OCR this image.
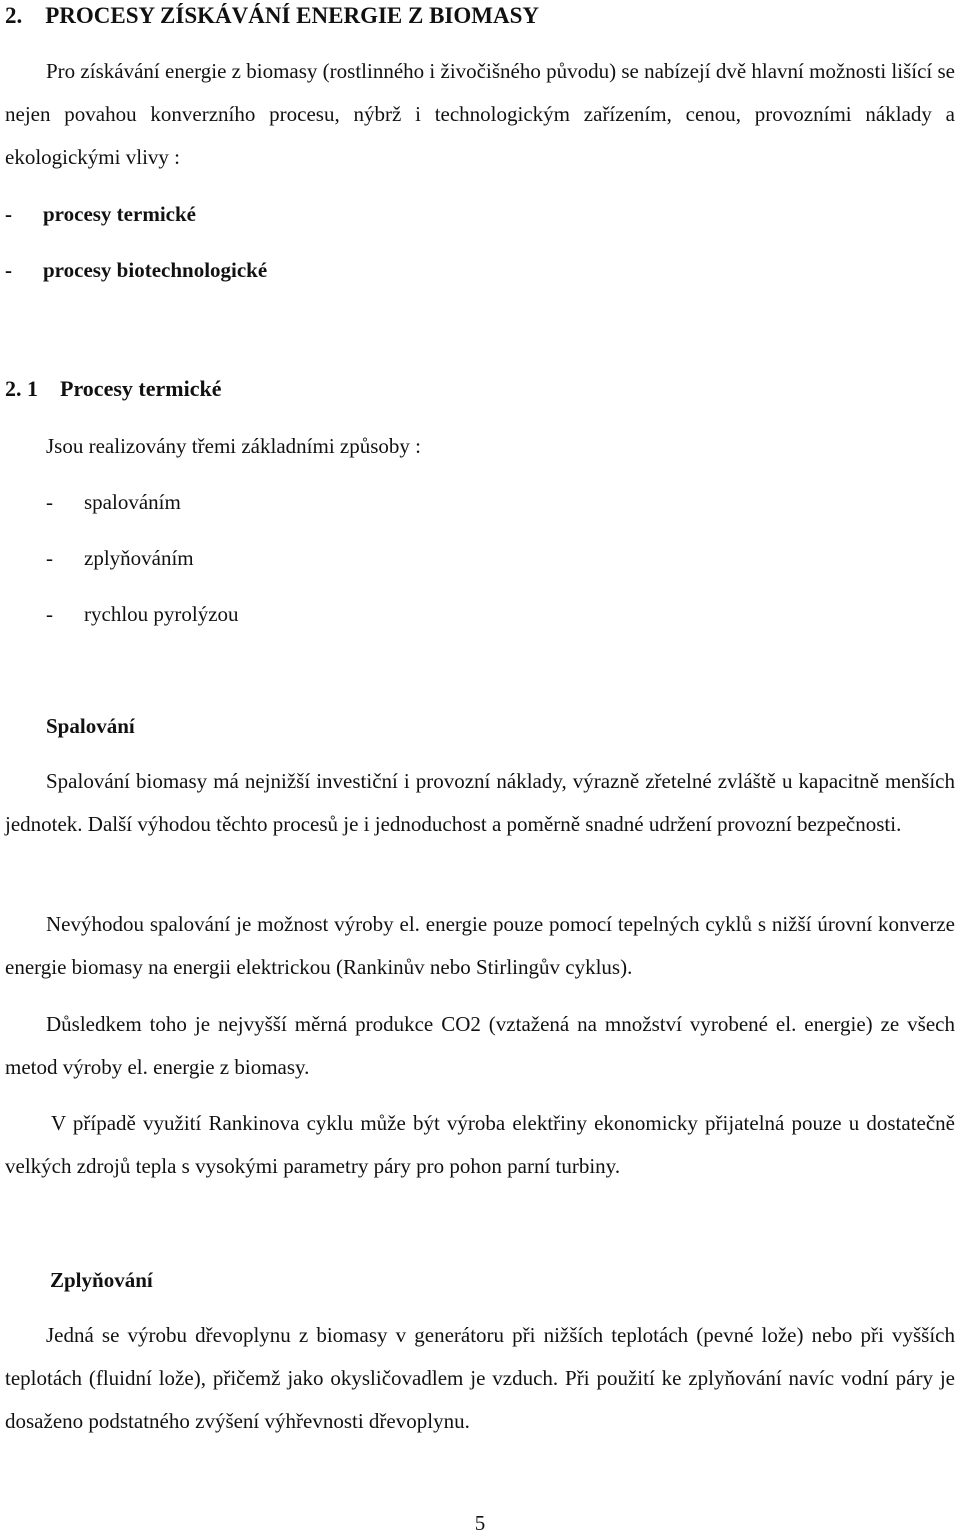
2. PROCESY ZÍSKÁVÁNÍ ENERGIE Z BIOMASY

Pro získávání energie z biomasy (rostlinného i živočišného původu) se nabízejí dvě hlavní možnosti lišící se nejen povahou konverzního procesu, nýbrž i technologickým zařízením, cenou, provozními náklady a ekologickými vlivy :

- procesy termické
- procesy biotechnologické
2. 1 Procesy termické
Jsou realizovány třemi základními způsoby :
- spalováním
- zplyňováním
- rychlou pyrolýzou
Spalování

Spalování biomasy má nejnižší investiční i provozní náklady, výrazně zřetelné zvláště u kapacitně menších jednotek. Další výhodou těchto procesů je i jednoduchost a poměrně snadné udržení provozní bezpečnosti.

Nevýhodou spalování je možnost výroby el. energie pouze pomocí tepelných cyklů s nižší úrovní konverze energie biomasy na energii elektrickou (Rankinův nebo Stirlingův cyklus).

Důsledkem toho je nejvyšší měrná produkce CO2 (vztažená na množství vyrobené el. energie) ze všech metod výroby el. energie z biomasy.

V případě využití Rankinova cyklu může být výroba elektřiny ekonomicky přijatelná pouze u dostatečně velkých zdrojů tepla s vysokými parametry páry pro pohon parní turbiny.

Zplyňování

Jedná se výrobu dřevoplynu z biomasy v generátoru při nižších teplotách (pevné lože) nebo při vyšších teplotách (fluidní lože), přičemž jako okysličovadlem je vzduch. Při použití ke zplyňování navíc vodní páry je dosaženo podstatného zvýšení výhřevnosti dřevoplynu.

5
